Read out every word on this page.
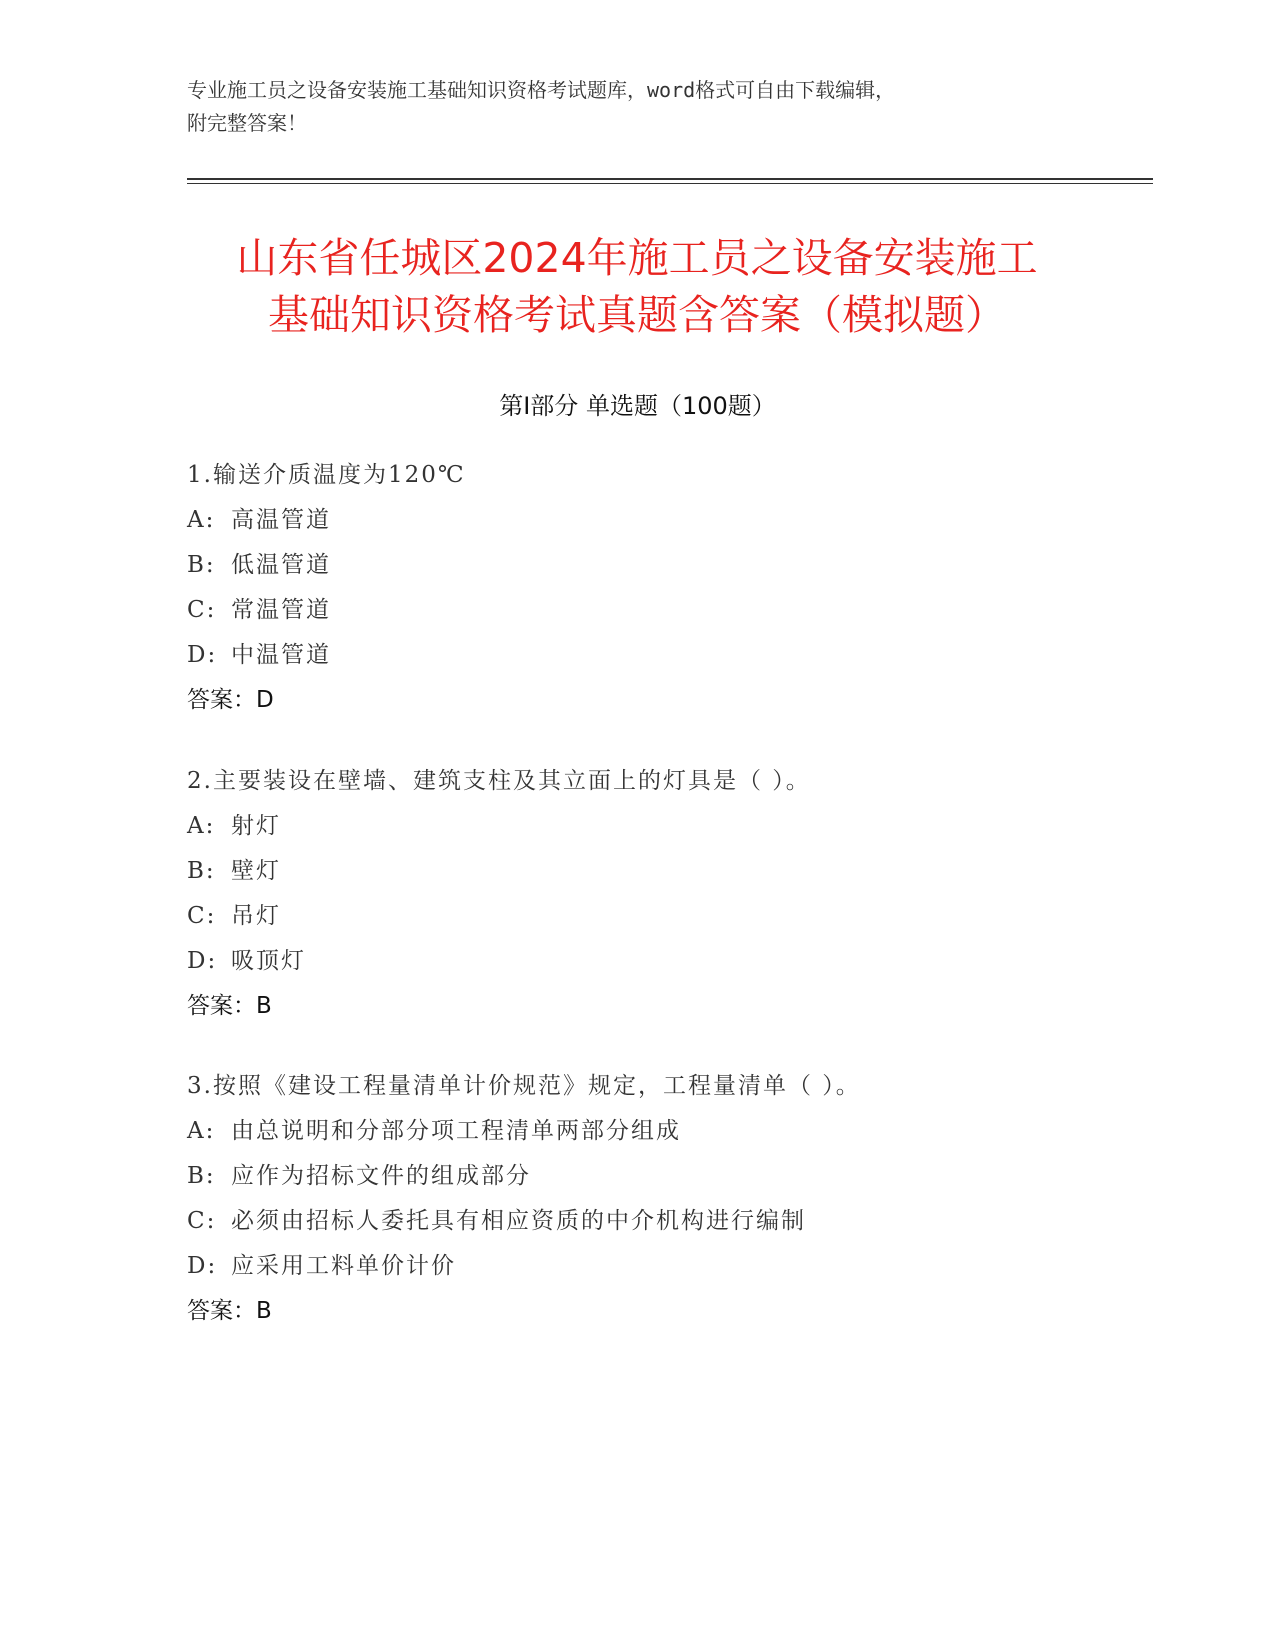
专业施工员之设备安装施工基础知识资格考试题库，word格式可自由下载编辑，
附完整答案！
山东省任城区2024年施工员之设备安装施工
基础知识资格考试真题含答案（模拟题）
第Ⅰ部分 单选题（100题）
1.输送介质温度为120℃
A: 高温管道
B: 低温管道
C: 常温管道
D: 中温管道
答案：D
2.主要装设在壁墙、建筑支柱及其立面上的灯具是（ ）。
A: 射灯
B: 壁灯
C: 吊灯
D: 吸顶灯
答案：B
3.按照《建设工程量清单计价规范》规定，工程量清单（ ）。
A: 由总说明和分部分项工程清单两部分组成
B: 应作为招标文件的组成部分
C: 必须由招标人委托具有相应资质的中介机构进行编制
D: 应采用工料单价计价
答案：B
